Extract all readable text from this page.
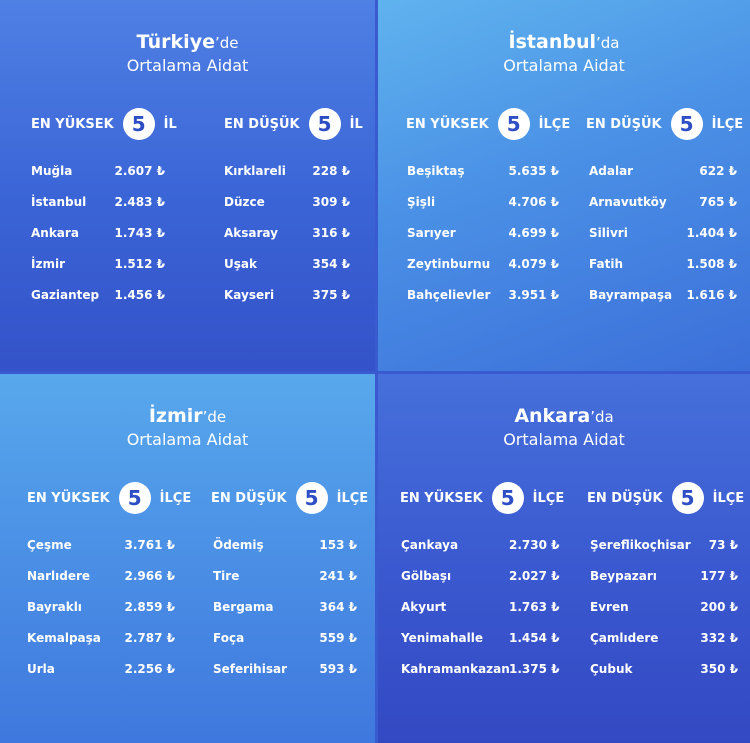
Türkiye’de
Ortalama Aidat
EN YÜKSEK 5	İL	EN DÜŞÜK 5	İL
Muğla	2.607 ₺
İstanbul	2.483 ₺
Ankara	1.743 ₺
İzmir	1.512 ₺
Gaziantep	1.456 ₺
Kırklareli	228 ₺
Düzce	309 ₺
Aksaray	316 ₺
Uşak	354 ₺
Kayseri	375 ₺
İstanbul’da
Ortalama Aidat
EN YÜKSEK 5	İLÇE EN DÜŞÜK 5	İLÇE
Beşiktaş	5.635 ₺
Şişli	4.706 ₺
Sarıyer	4.699 ₺
Zeytinburnu	4.079 ₺
Bahçelievler	3.951 ₺
Adalar	622 ₺
Arnavutköy	765 ₺
Silivri	1.404 ₺
Fatih	1.508 ₺
Bayrampaşa	1.616 ₺
İzmir’de
Ortalama Aidat
EN YÜKSEK 5	İLÇE EN DÜŞÜK 5	İLÇE
Çeşme	3.761 ₺
Narlıdere	2.966 ₺
Bayraklı	2.859 ₺
Kemalpaşa	2.787 ₺
Urla	2.256 ₺
Ödemiş	153 ₺
Tire	241 ₺
Bergama	364 ₺
Foça	559 ₺
Seferihisar	593 ₺
Ankara’da
Ortalama Aidat
EN YÜKSEK 5	İLÇE EN DÜŞÜK 5	İLÇE
Çankaya	2.730 ₺
Gölbaşı	2.027 ₺
Akyurt	1.763 ₺
Yenimahalle 1.454 ₺
Kahramankazan 1.375 ₺
Şereflikoçhisar	73 ₺
Beypazarı	177 ₺
Evren	200 ₺
Çamlıdere	332 ₺
Çubuk	350 ₺
